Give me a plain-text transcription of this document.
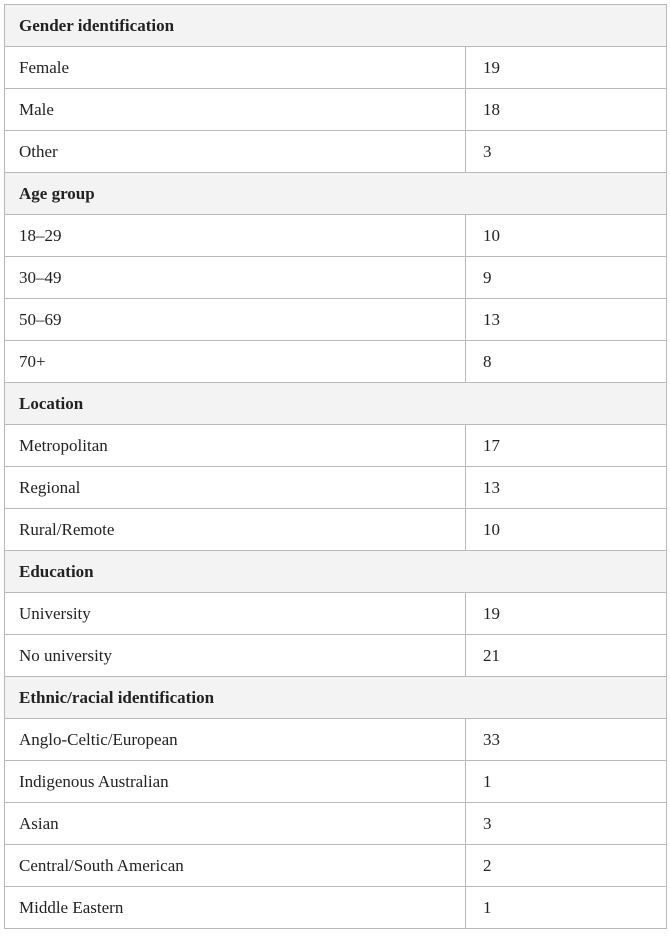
Gender identification	
Female	19
Male	18
Other	3
Age group	
18–29	10
30–49	9
50–69	13
70+	8
Location	
Metropolitan	17
Regional	13
Rural/Remote	10
Education	
University	19
No university	21
Ethnic/racial identification	
Anglo-Celtic/European	33
Indigenous Australian	1
Asian	3
Central/South American	2
Middle Eastern	1
